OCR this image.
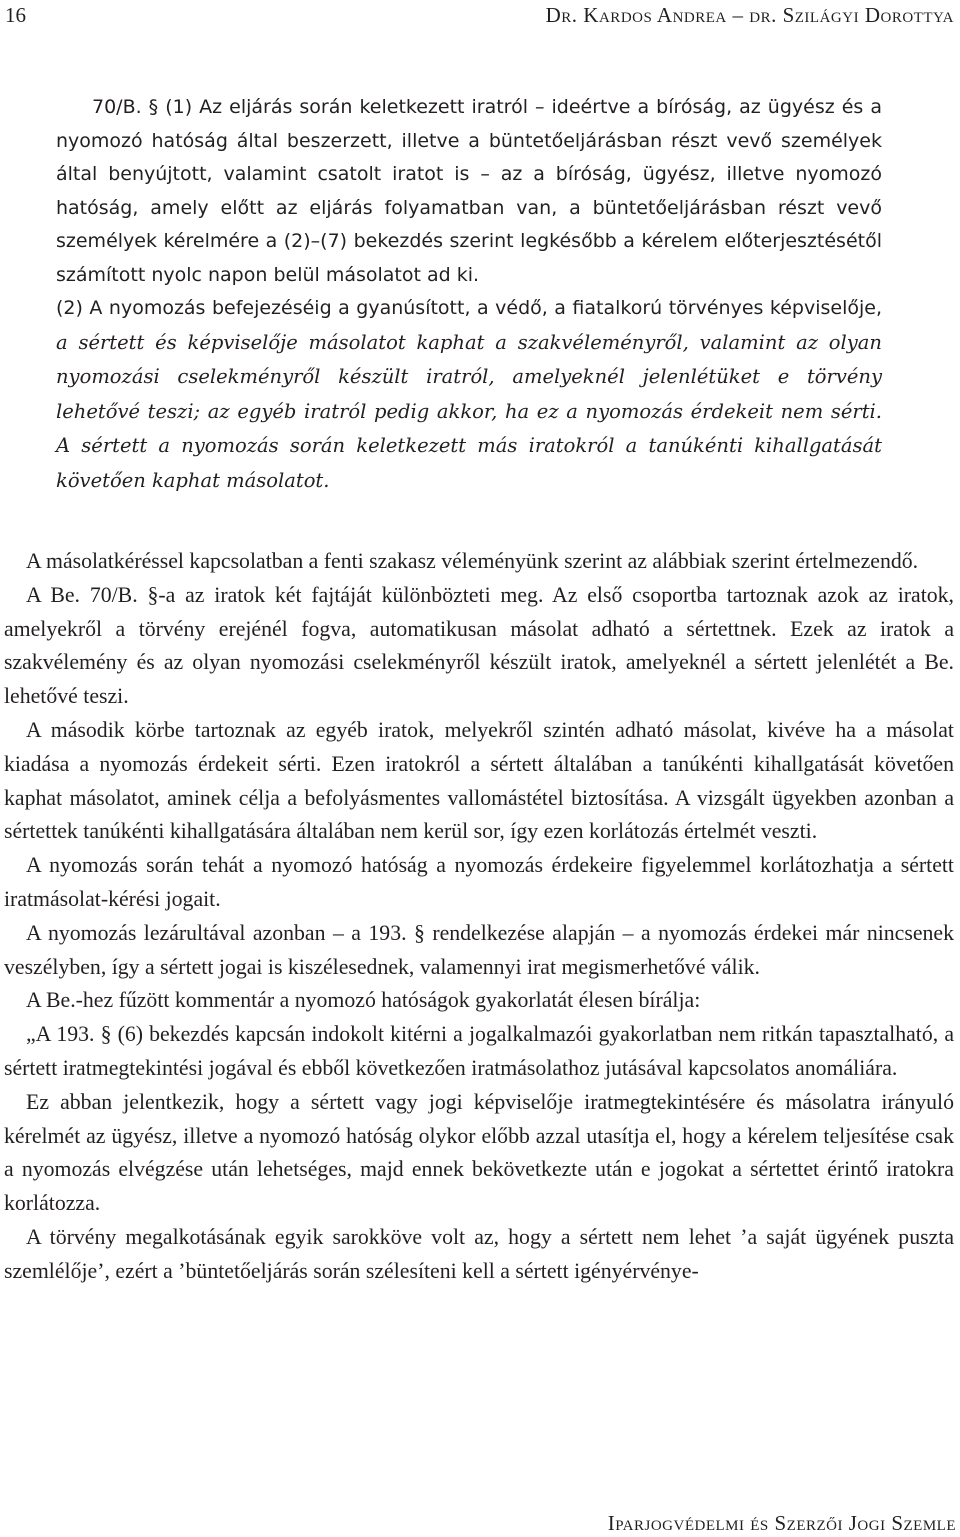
16	Dr. Kardos Andrea – dr. Szilágyi Dorottya

70/B. § (1) Az eljárás során keletkezett iratról – ideértve a bíróság, az ügyész és a nyomozó hatóság által beszerzett, illetve a büntetőeljárásban részt vevő személyek által benyújtott, valamint csatolt iratot is – az a bíróság, ügyész, illetve nyomozó hatóság, amely előtt az eljárás folyamatban van, a büntetőeljárásban részt vevő személyek kérelmére a (2)–(7) bekezdés szerint legkésőbb a kérelem előterjesztésétől számított nyolc napon belül másolatot ad ki.

(2) A nyomozás befejezéséig a gyanúsított, a védő, a fiatalkorú törvényes képviselője, a sértett és képviselője másolatot kaphat a szakvéleményről, valamint az olyan nyomozási cselekményről készült iratról, amelyeknél jelenlétüket e törvény lehetővé teszi; az egyéb iratról pedig akkor, ha ez a nyomozás érdekeit nem sérti. A sértett a nyomozás során keletkezett más iratokról a tanúkénti kihallgatását követően kaphat másolatot.

A másolatkéréssel kapcsolatban a fenti szakasz véleményünk szerint az alábbiak szerint értelmezendő.

A Be. 70/B. §-a az iratok két fajtáját különbözteti meg. Az első csoportba tartoznak azok az iratok, amelyekről a törvény erejénél fogva, automatikusan másolat adható a sértettnek. Ezek az iratok a szakvélemény és az olyan nyomozási cselekményről készült iratok, amelyeknél a sértett jelenlétét a Be. lehetővé teszi.

A második körbe tartoznak az egyéb iratok, melyekről szintén adható másolat, kivéve ha a másolat kiadása a nyomozás érdekeit sérti. Ezen iratokról a sértett általában a tanúkénti kihallgatását követően kaphat másolatot, aminek célja a befolyásmentes vallomástétel biztosítása. A vizsgált ügyekben azonban a sértettek tanúkénti kihallgatására általában nem kerül sor, így ezen korlátozás értelmét veszti.

A nyomozás során tehát a nyomozó hatóság a nyomozás érdekeire figyelemmel korlátozhatja a sértett iratmásolat-kérési jogait.

A nyomozás lezárultával azonban – a 193. § rendelkezése alapján – a nyomozás érdekei már nincsenek veszélyben, így a sértett jogai is kiszélesednek, valamennyi irat megismerhetővé válik.

A Be.-hez fűzött kommentár a nyomozó hatóságok gyakorlatát élesen bírálja:

„A 193. § (6) bekezdés kapcsán indokolt kitérni a jogalkalmazói gyakorlatban nem ritkán tapasztalható, a sértett iratmegtekintési jogával és ebből következően iratmásolathoz jutásával kapcsolatos anomáliára.

Ez abban jelentkezik, hogy a sértett vagy jogi képviselője iratmegtekintésére és másolatra irányuló kérelmét az ügyész, illetve a nyomozó hatóság olykor előbb azzal utasítja el, hogy a kérelem teljesítése csak a nyomozás elvégzése után lehetséges, majd ennek bekövetkezte után e jogokat a sértettet érintő iratokra korlátozza.

A törvény megalkotásának egyik sarokköve volt az, hogy a sértett nem lehet ’a saját ügyének puszta szemlélője’, ezért a ’büntetőeljárás során szélesíteni kell a sértett igényérvénye-

Iparjogvédelmi és Szerzői Jogi Szemle
